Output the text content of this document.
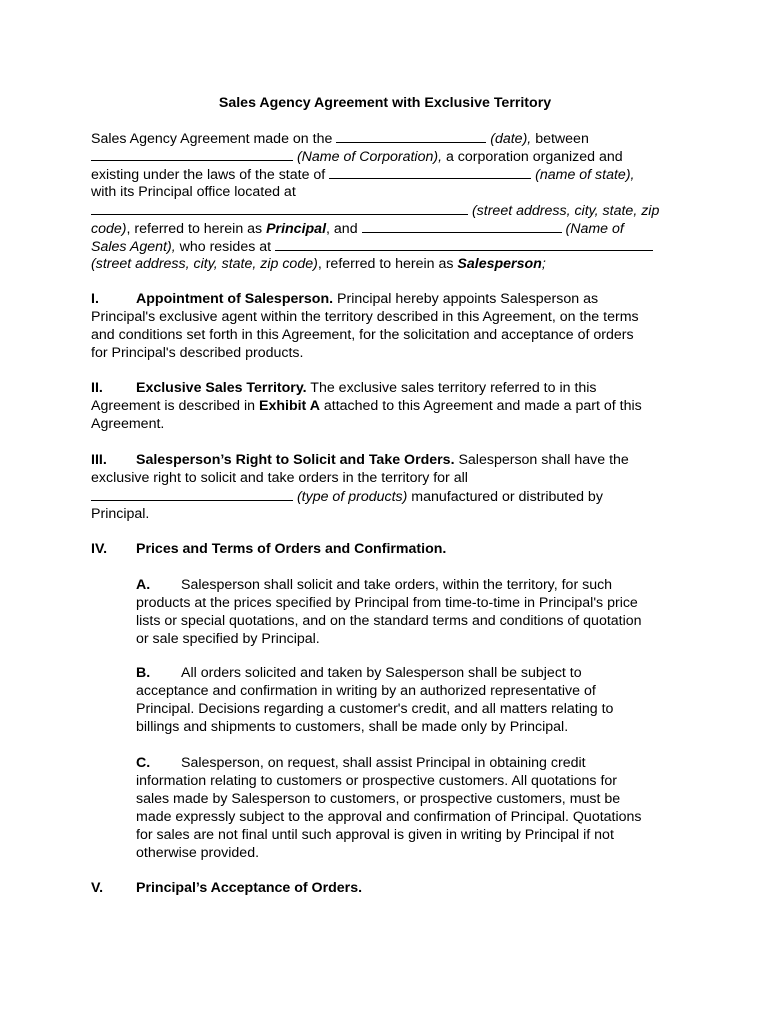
Sales Agency Agreement with Exclusive Territory
Sales Agency Agreement made on the	(date), between
(Name of Corporation), a corporation organized and
existing under the laws of the state of	(name of state),
with its Principal office located at
(street address, city, state, zip
code), referred to herein as Principal, and	(Name of
Sales Agent), who resides at
(street address, city, state, zip code), referred to herein as Salesperson;
I.	Appointment of Salesperson. Principal hereby appoints Salesperson as
Principal's exclusive agent within the territory described in this Agreement, on the terms
and conditions set forth in this Agreement, for the solicitation and acceptance of orders
for Principal's described products.
II. Exclusive Sales Territory. The exclusive sales territory referred to in this
Agreement is described in Exhibit A attached to this Agreement and made a part of this
Agreement.
III. Salesperson’s Right to Solicit and Take Orders. Salesperson shall have the
exclusive right to solicit and take orders in the territory for all
(type of products) manufactured or distributed by
Principal.
IV. Prices and Terms of Orders and Confirmation.
A. Salesperson shall solicit and take orders, within the territory, for such
products at the prices specified by Principal from time-to-time in Principal's price
lists or special quotations, and on the standard terms and conditions of quotation
or sale specified by Principal.
B. All orders solicited and taken by Salesperson shall be subject to
acceptance and confirmation in writing by an authorized representative of
Principal. Decisions regarding a customer's credit, and all matters relating to
billings and shipments to customers, shall be made only by Principal.
C. Salesperson, on request, shall assist Principal in obtaining credit
information relating to customers or prospective customers. All quotations for
sales made by Salesperson to customers, or prospective customers, must be
made expressly subject to the approval and confirmation of Principal. Quotations
for sales are not final until such approval is given in writing by Principal if not
otherwise provided.
V. Principal’s Acceptance of Orders.
